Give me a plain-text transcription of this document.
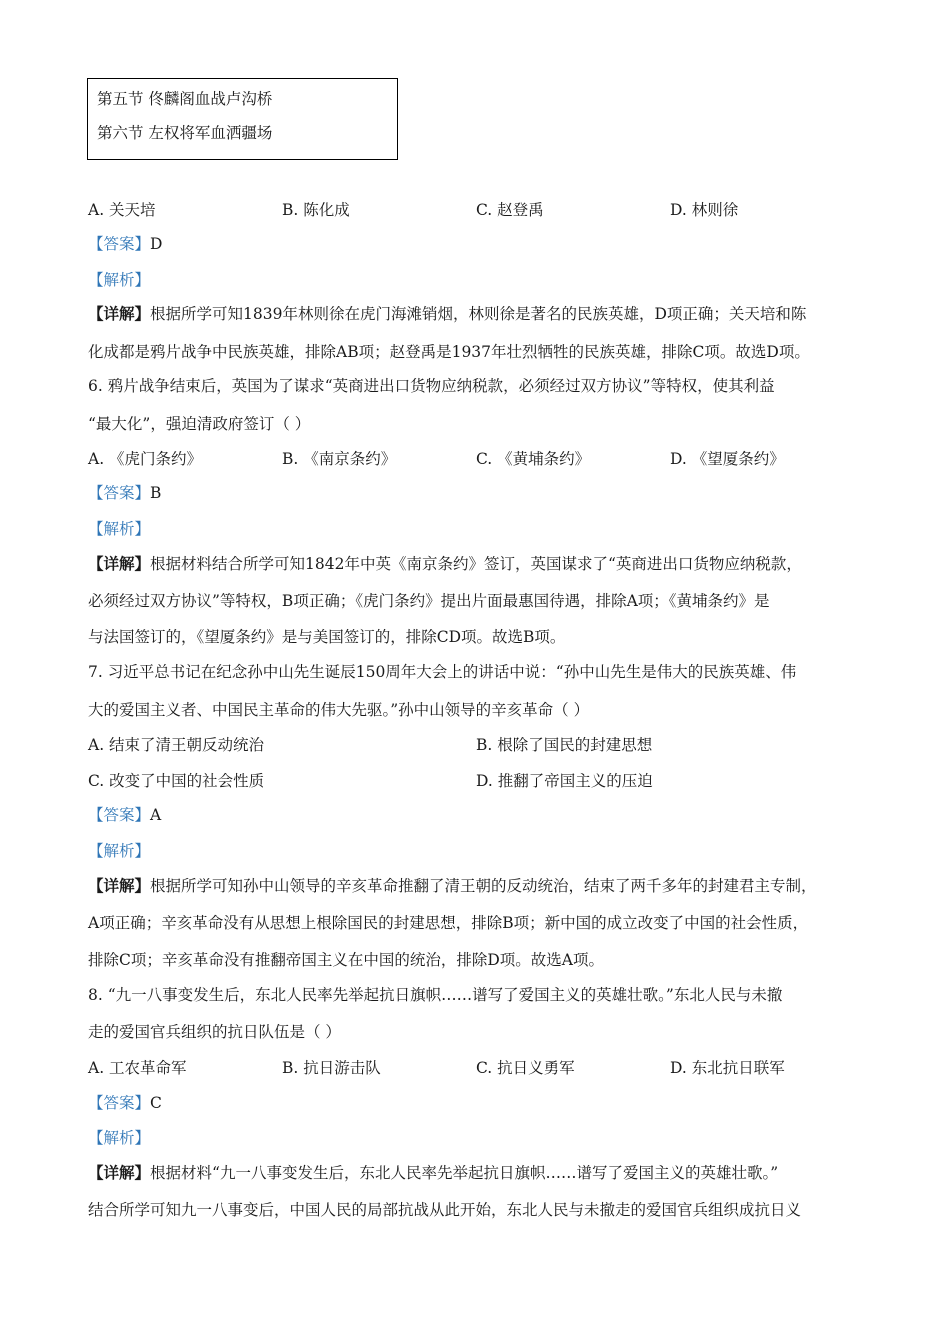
第五节 佟麟阁血战卢沟桥
第六节 左权将军血洒疆场
A. 关天培	B. 陈化成	C. 赵登禹	D. 林则徐
【答案】D
【解析】
【详解】根据所学可知1839年林则徐在虎门海滩销烟，林则徐是著名的民族英雄，D项正确；关天培和陈
化成都是鸦片战争中民族英雄，排除AB项；赵登禹是1937年壮烈牺牲的民族英雄，排除C项。故选D项。
6. 鸦片战争结束后，英国为了谋求“英商进出口货物应纳税款，必须经过双方协议”等特权，使其利益
“最大化”，强迫清政府签订（ ）
A. 《虎门条约》	B. 《南京条约》	C. 《黄埔条约》	D. 《望厦条约》
【答案】B
【解析】
【详解】根据材料结合所学可知1842年中英《南京条约》签订，英国谋求了“英商进出口货物应纳税款，
必须经过双方协议”等特权，B项正确；《虎门条约》提出片面最惠国待遇，排除A项；《黄埔条约》是
与法国签订的，《望厦条约》是与美国签订的，排除CD项。故选B项。
7. 习近平总书记在纪念孙中山先生诞辰150周年大会上的讲话中说：“孙中山先生是伟大的民族英雄、伟
大的爱国主义者、中国民主革命的伟大先驱。”孙中山领导的辛亥革命（ ）
A. 结束了清王朝反动统治	B. 根除了国民的封建思想
C. 改变了中国的社会性质	D. 推翻了帝国主义的压迫
【答案】A
【解析】
【详解】根据所学可知孙中山领导的辛亥革命推翻了清王朝的反动统治，结束了两千多年的封建君主专制，
A项正确；辛亥革命没有从思想上根除国民的封建思想，排除B项；新中国的成立改变了中国的社会性质，
排除C项；辛亥革命没有推翻帝国主义在中国的统治，排除D项。故选A项。
8. “九一八事变发生后，东北人民率先举起抗日旗帜……谱写了爱国主义的英雄壮歌。”东北人民与未撤
走的爱国官兵组织的抗日队伍是（ ）
A. 工农革命军	B. 抗日游击队	C. 抗日义勇军	D. 东北抗日联军
【答案】C
【解析】
【详解】根据材料“九一八事变发生后，东北人民率先举起抗日旗帜……谱写了爱国主义的英雄壮歌。”
结合所学可知九一八事变后，中国人民的局部抗战从此开始，东北人民与未撤走的爱国官兵组织成抗日义
